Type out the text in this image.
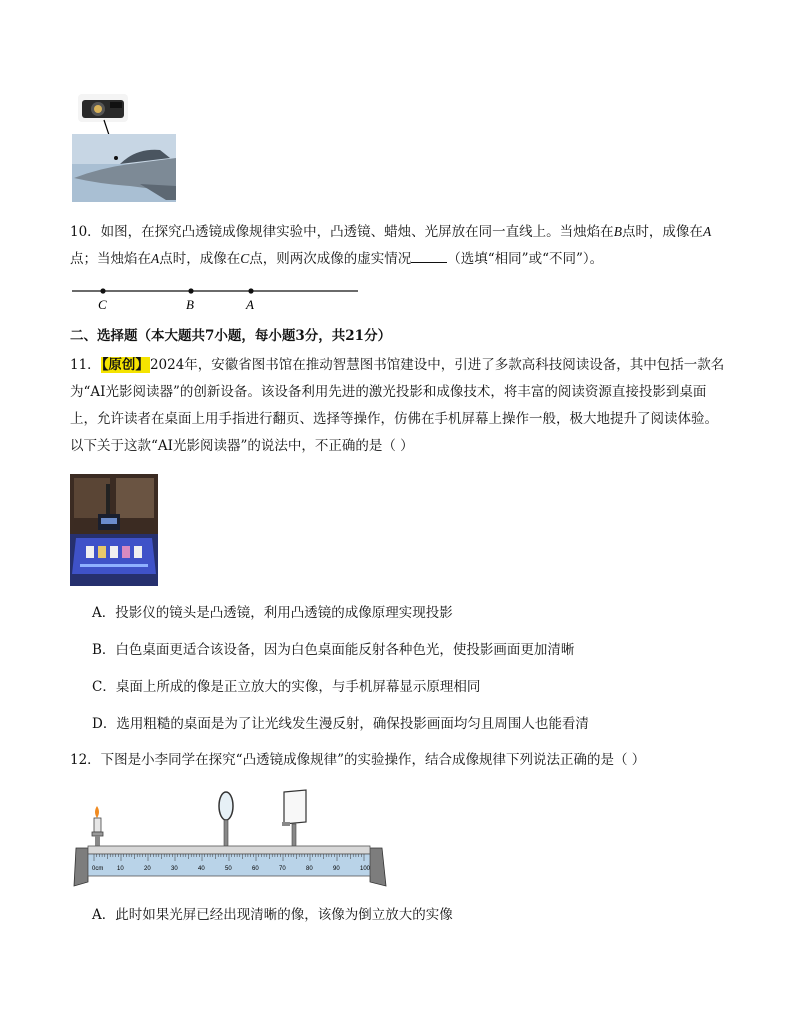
10．如图，在探究凸透镜成像规律实验中，凸透镜、蜡烛、光屏放在同一直线上。当烛焰在B点时，成像在A
点；当烛焰在A点时，成像在C点，则两次成像的虚实情况	（选填“相同”或“不同”）。
C	B	A
二、选择题（本大题共7小题，每小题3分，共21分）
11．【原创】2024年，安徽省图书馆在推动智慧图书馆建设中，引进了多款高科技阅读设备，其中包括一款名
为“AI光影阅读器”的创新设备。该设备利用先进的激光投影和成像技术，将丰富的阅读资源直接投影到桌面
上，允许读者在桌面上用手指进行翻页、选择等操作，仿佛在手机屏幕上操作一般，极大地提升了阅读体验。
以下关于这款“AI光影阅读器”的说法中，不正确的是（ ）
A．投影仪的镜头是凸透镜，利用凸透镜的成像原理实现投影
B．白色桌面更适合该设备，因为白色桌面能反射各种色光，使投影画面更加清晰
C．桌面上所成的像是正立放大的实像，与手机屏幕显示原理相同
D．选用粗糙的桌面是为了让光线发生漫反射，确保投影画面均匀且周围人也能看清
12．下图是小李同学在探究“凸透镜成像规律”的实验操作，结合成像规律下列说法正确的是（ ）
0cm 10	20	30	40	50	60	70	80	90	100
A．此时如果光屏已经出现清晰的像，该像为倒立放大的实像
